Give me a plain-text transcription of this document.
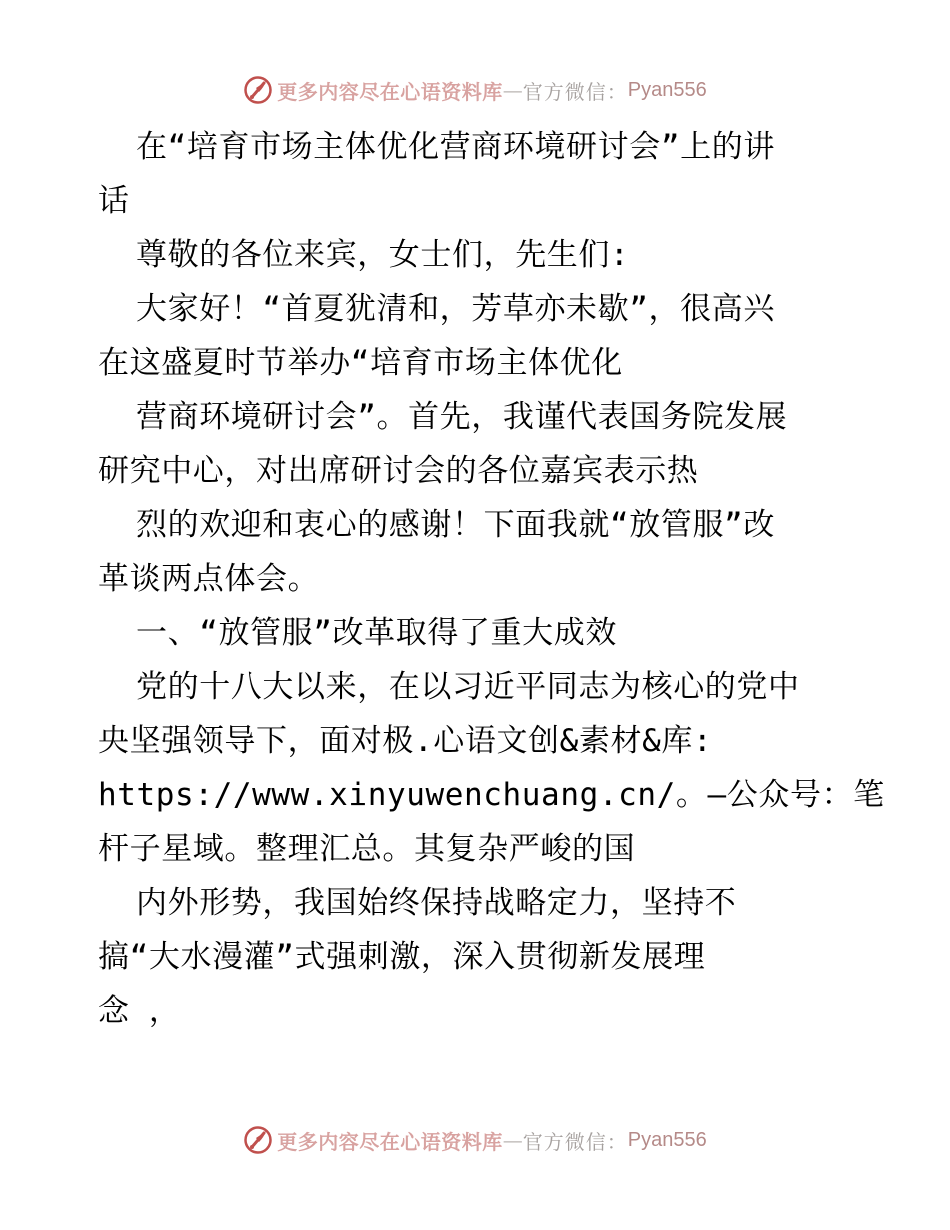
更多内容尽在心语资料库 — 官方微信： Pyan556
在“培育市场主体优化营商环境研讨会”上的讲
话
尊敬的各位来宾，女士们，先生们:
大家好！“首夏犹清和，芳草亦未歇”，很高兴
在这盛夏时节举办“培育市场主体优化
营商环境研讨会”。首先，我谨代表国务院发展
研究中心，对出席研讨会的各位嘉宾表示热
烈的欢迎和衷心的感谢！下面我就“放管服”改
革谈两点体会。
一、“放管服”改革取得了重大成效
党的十八大以来，在以习近平同志为核心的党中
央坚强领导下，面对极.心语文创&素材&库:
https://www.xinyuwenchuang.cn/。—公众号：笔
杆子星域。整理汇总。其复杂严峻的国
内外形势，我国始终保持战略定力，坚持不
搞“大水漫灌”式强刺激，深入贯彻新发展理
念 ，
更多内容尽在心语资料库 — 官方微信： Pyan556
